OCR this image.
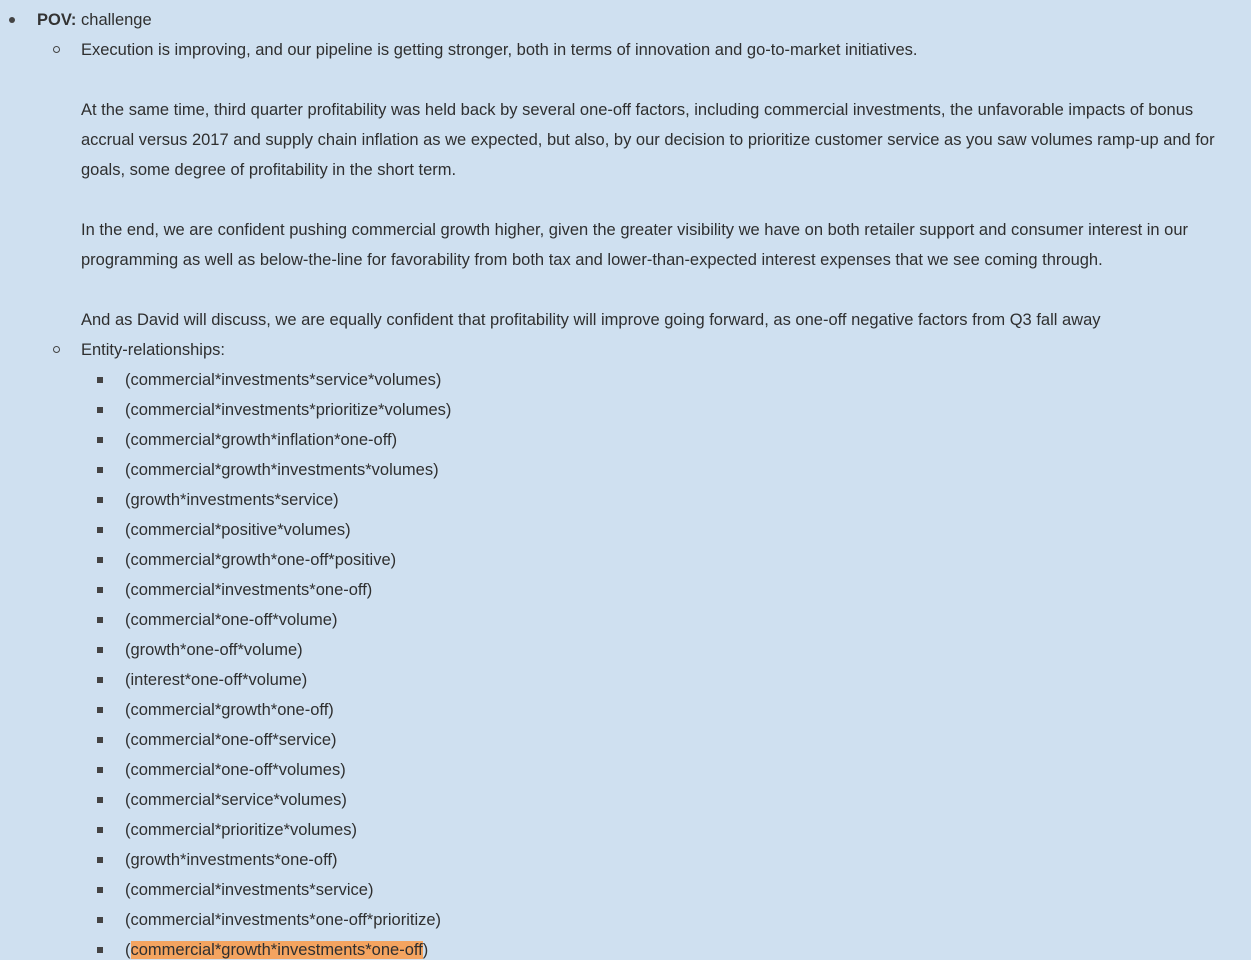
POV: challenge
Execution is improving, and our pipeline is getting stronger, both in terms of innovation and go-to-market initiatives.
At the same time, third quarter profitability was held back by several one-off factors, including commercial investments, the unfavorable impacts of bonus accrual versus 2017 and supply chain inflation as we expected, but also, by our decision to prioritize customer service as you saw volumes ramp-up and for goals, some degree of profitability in the short term.
In the end, we are confident pushing commercial growth higher, given the greater visibility we have on both retailer support and consumer interest in our programming as well as below-the-line for favorability from both tax and lower-than-expected interest expenses that we see coming through.
And as David will discuss, we are equally confident that profitability will improve going forward, as one-off negative factors from Q3 fall away
Entity-relationships:
(commercial*investments*service*volumes)
(commercial*investments*prioritize*volumes)
(commercial*growth*inflation*one-off)
(commercial*growth*investments*volumes)
(growth*investments*service)
(commercial*positive*volumes)
(commercial*growth*one-off*positive)
(commercial*investments*one-off)
(commercial*one-off*volume)
(growth*one-off*volume)
(interest*one-off*volume)
(commercial*growth*one-off)
(commercial*one-off*service)
(commercial*one-off*volumes)
(commercial*service*volumes)
(commercial*prioritize*volumes)
(growth*investments*one-off)
(commercial*investments*service)
(commercial*investments*one-off*prioritize)
(commercial*growth*investments*one-off)
